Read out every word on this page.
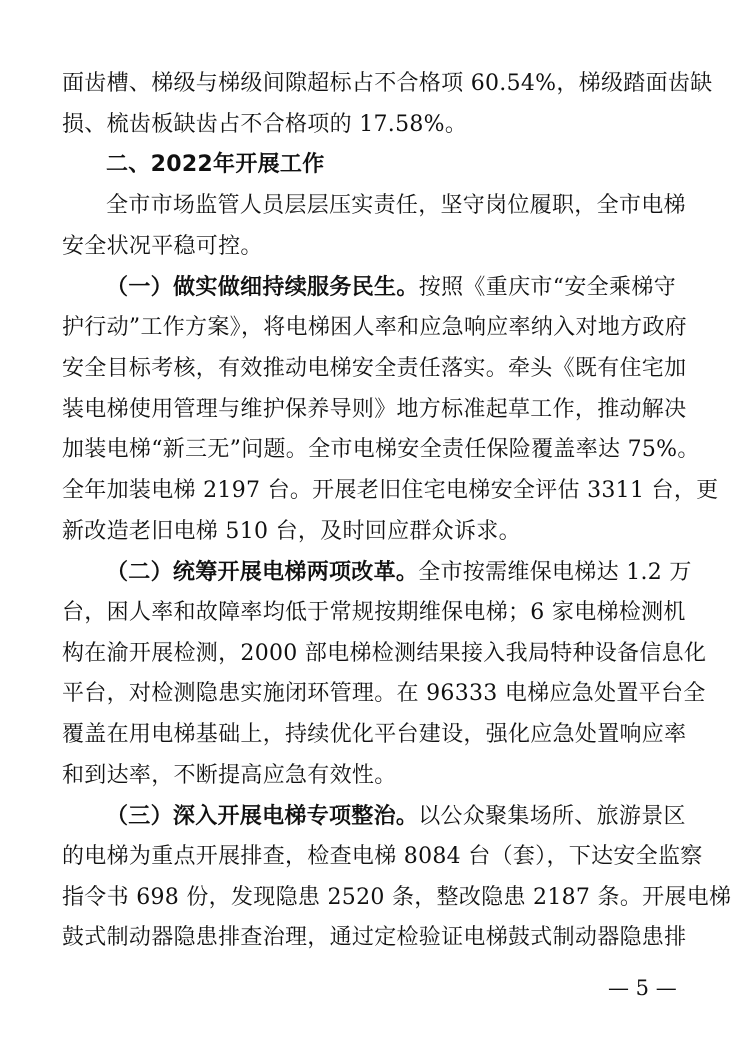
面齿槽、梯级与梯级间隙超标占不合格项 60.54%，梯级踏面齿缺
损、梳齿板缺齿占不合格项的 17.58%。
二、2022年开展工作
全市市场监管人员层层压实责任，坚守岗位履职，全市电梯
安全状况平稳可控。
（一）做实做细持续服务民生。按照《重庆市“安全乘梯守
护行动”工作方案》，将电梯困人率和应急响应率纳入对地方政府
安全目标考核，有效推动电梯安全责任落实。牵头《既有住宅加
装电梯使用管理与维护保养导则》地方标准起草工作，推动解决
加装电梯“新三无”问题。全市电梯安全责任保险覆盖率达 75%。
全年加装电梯 2197 台。开展老旧住宅电梯安全评估 3311 台，更
新改造老旧电梯 510 台，及时回应群众诉求。
（二）统筹开展电梯两项改革。全市按需维保电梯达 1.2 万
台，困人率和故障率均低于常规按期维保电梯；6 家电梯检测机
构在渝开展检测，2000 部电梯检测结果接入我局特种设备信息化
平台，对检测隐患实施闭环管理。在 96333 电梯应急处置平台全
覆盖在用电梯基础上，持续优化平台建设，强化应急处置响应率
和到达率，不断提高应急有效性。
（三）深入开展电梯专项整治。以公众聚集场所、旅游景区
的电梯为重点开展排查，检查电梯 8084 台（套），下达安全监察
指令书 698 份，发现隐患 2520 条，整改隐患 2187 条。开展电梯
鼓式制动器隐患排查治理，通过定检验证电梯鼓式制动器隐患排
— 5 —
